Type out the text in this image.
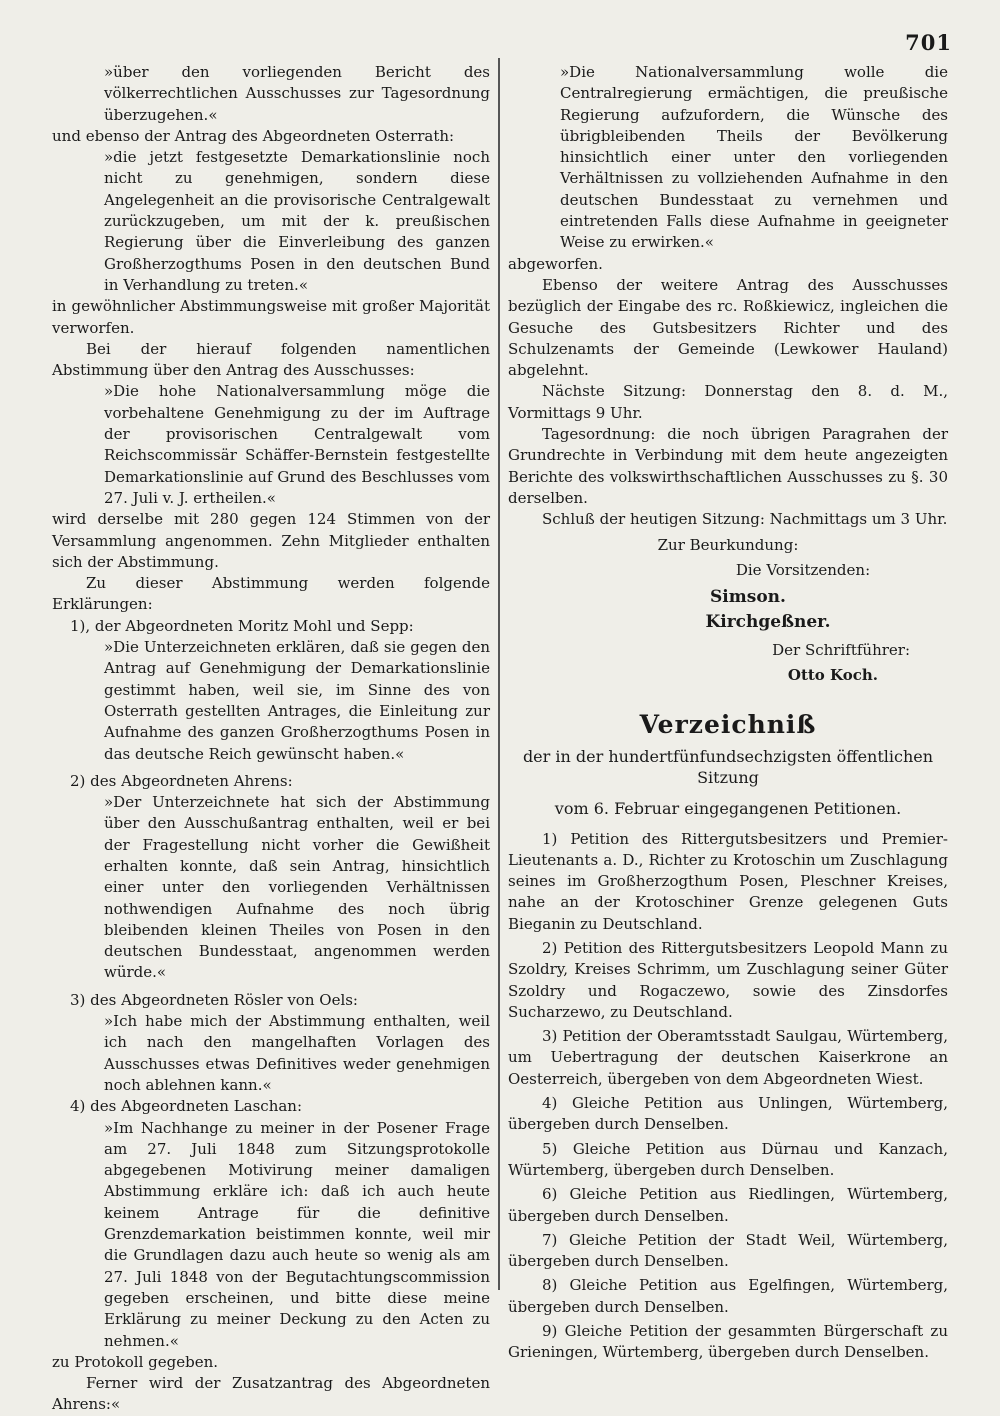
701

»über den vorliegenden Bericht des völkerrechtlichen Ausschusses zur Tagesordnung überzugehen.«

und ebenso der Antrag des Abgeordneten Osterrath:

»die jetzt festgesetzte Demarkationslinie noch nicht zu genehmigen, sondern diese Angelegenheit an die provisorische Centralgewalt zurückzugeben, um mit der k. preußischen Regierung über die Einverleibung des ganzen Großherzogthums Posen in den deutschen Bund in Verhandlung zu treten.«

in gewöhnlicher Abstimmungsweise mit großer Majorität verworfen.

Bei der hierauf folgenden namentlichen Abstimmung über den Antrag des Ausschusses:

»Die hohe Nationalversammlung möge die vorbehaltene Genehmigung zu der im Auftrage der provisorischen Centralgewalt vom Reichscommissär Schäffer-Bernstein festgestellte Demarkationslinie auf Grund des Beschlusses vom 27. Juli v. J. ertheilen.«

wird derselbe mit 280 gegen 124 Stimmen von der Versammlung angenommen. Zehn Mitglieder enthalten sich der Abstimmung.

Zu dieser Abstimmung werden folgende Erklärungen:

1), der Abgeordneten Moritz Mohl und Sepp:

»Die Unterzeichneten erklären, daß sie gegen den Antrag auf Genehmigung der Demarkationslinie gestimmt haben, weil sie, im Sinne des von Osterrath gestellten Antrages, die Einleitung zur Aufnahme des ganzen Großherzogthums Posen in das deutsche Reich gewünscht haben.«

2) des Abgeordneten Ahrens:

»Der Unterzeichnete hat sich der Abstimmung über den Ausschußantrag enthalten, weil er bei der Fragestellung nicht vorher die Gewißheit erhalten konnte, daß sein Antrag, hinsichtlich einer unter den vorliegenden Verhältnissen nothwendigen Aufnahme des noch übrig bleibenden kleinen Theiles von Posen in den deutschen Bundesstaat, angenommen werden würde.«

3) des Abgeordneten Rösler von Oels:

»Ich habe mich der Abstimmung enthalten, weil ich nach den mangelhaften Vorlagen des Ausschusses etwas Definitives weder genehmigen noch ablehnen kann.«

4) des Abgeordneten Laschan:

»Im Nachhange zu meiner in der Posener Frage am 27. Juli 1848 zum Sitzungsprotokolle abgegebenen Motivirung meiner damaligen Abstimmung erkläre ich: daß ich auch heute keinem Antrage für die definitive Grenzdemarkation beistimmen konnte, weil mir die Grundlagen dazu auch heute so wenig als am 27. Juli 1848 von der Begutachtungscommission gegeben erscheinen, und bitte diese meine Erklärung zu meiner Deckung zu den Acten zu nehmen.«

zu Protokoll gegeben.

Ferner wird der Zusatzantrag des Abgeordneten Ahrens:«

»Die Nationalversammlung wolle die Centralregierung ermächtigen, die preußische Regierung aufzufordern, die Wünsche des übrigbleibenden Theils der Bevölkerung hinsichtlich einer unter den vorliegenden Verhältnissen zu vollziehenden Aufnahme in den deutschen Bundesstaat zu vernehmen und eintretenden Falls diese Aufnahme in geeigneter Weise zu erwirken.«

abgeworfen.

Ebenso der weitere Antrag des Ausschusses bezüglich der Eingabe des rc. Roßkiewicz, ingleichen die Gesuche des Gutsbesitzers Richter und des Schulzenamts der Gemeinde (Lewkower Hauland) abgelehnt.

Nächste Sitzung: Donnerstag den 8. d. M., Vormittags 9 Uhr.

Tagesordnung: die noch übrigen Paragrahen der Grundrechte in Verbindung mit dem heute angezeigten Berichte des volkswirthschaftlichen Ausschusses zu §. 30 derselben.

Schluß der heutigen Sitzung: Nachmittags um 3 Uhr.

Zur Beurkundung:

Die Vorsitzenden:

Simson.

Kirchgeßner.

Der Schriftführer:

Otto Koch.

Verzeichniß

der in der hundertfünfundsechzigsten öffentlichen Sitzung

vom 6. Februar eingegangenen Petitionen.

1) Petition des Rittergutsbesitzers und Premier-Lieutenants a. D., Richter zu Krotoschin um Zuschlagung seines im Großherzogthum Posen, Pleschner Kreises, nahe an der Krotoschiner Grenze gelegenen Guts Bieganin zu Deutschland.

2) Petition des Rittergutsbesitzers Leopold Mann zu Szoldry, Kreises Schrimm, um Zuschlagung seiner Güter Szoldry und Rogaczewo, sowie des Zinsdorfes Sucharzewo, zu Deutschland.

3) Petition der Oberamtsstadt Saulgau, Würtemberg, um Uebertragung der deutschen Kaiserkrone an Oesterreich, übergeben von dem Abgeordneten Wiest.

4) Gleiche Petition aus Unlingen, Würtemberg, übergeben durch Denselben.

5) Gleiche Petition aus Dürnau und Kanzach, Würtemberg, übergeben durch Denselben.

6) Gleiche Petition aus Riedlingen, Würtemberg, übergeben durch Denselben.

7) Gleiche Petition der Stadt Weil, Würtemberg, übergeben durch Denselben.

8) Gleiche Petition aus Egelfingen, Würtemberg, übergeben durch Denselben.

9) Gleiche Petition der gesammten Bürgerschaft zu Grieningen, Würtemberg, übergeben durch Denselben.
